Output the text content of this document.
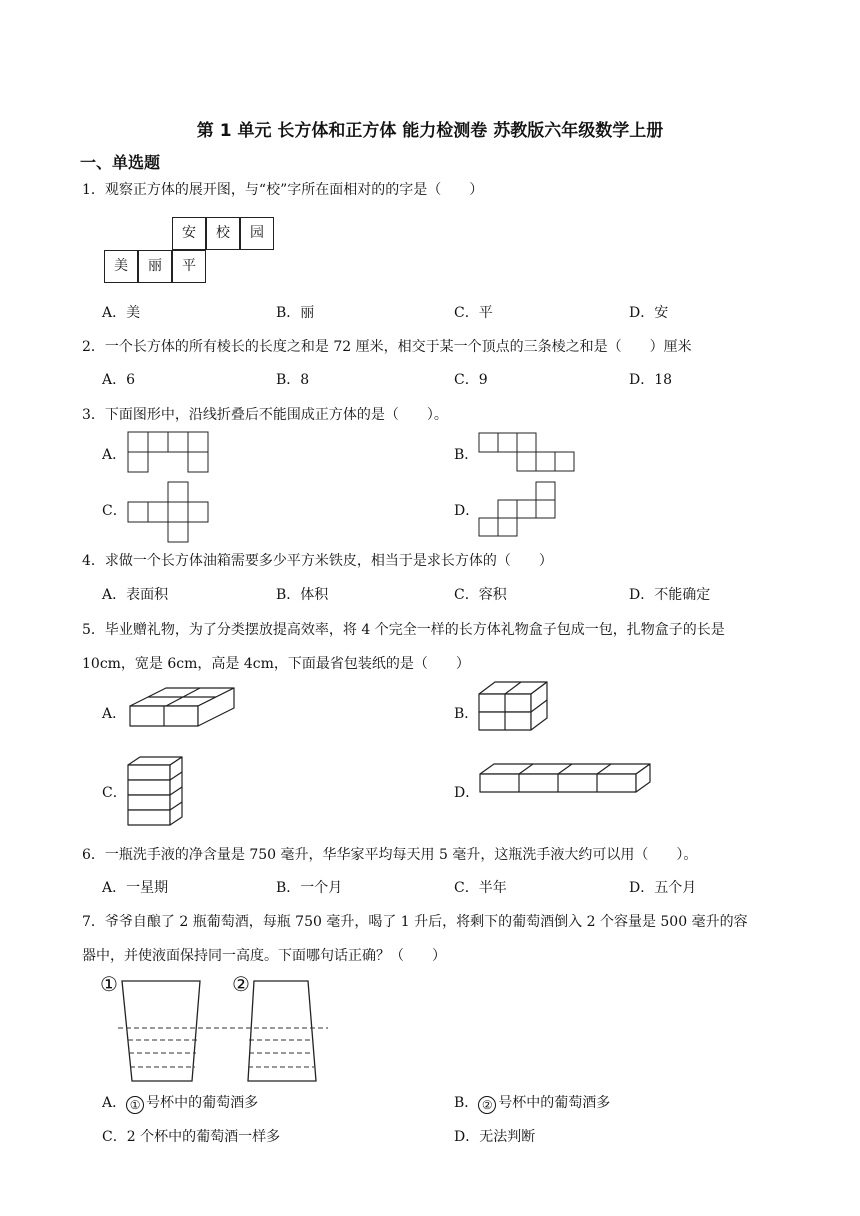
第 1 单元 长方体和正方体 能力检测卷 苏教版六年级数学上册
一、单选题
1．观察正方体的展开图，与“校”字所在面相对的的字是（　　）
安	校	园
美	丽	平
A．美	B．丽	C．平	D．安
2．一个长方体的所有棱长的长度之和是 72 厘米，相交于某一个顶点的三条棱之和是（　　）厘米
A．6	B．8	C．9	D．18
3．下面图形中，沿线折叠后不能围成正方体的是（　　）。
A．	B．
C．	D．
4．求做一个长方体油箱需要多少平方米铁皮，相当于是求长方体的（　　）
A．表面积	B．体积	C．容积	D．不能确定
5．毕业赠礼物，为了分类摆放提高效率，将 4 个完全一样的长方体礼物盒子包成一包，扎物盒子的长是
10cm，宽是 6cm，高是 4cm，下面最省包装纸的是（　　）
A．	B．
C．	D．
6．一瓶洗手液的净含量是 750 毫升，华华家平均每天用 5 毫升，这瓶洗手液大约可以用（　　）。
A．一星期	B．一个月	C．半年	D．五个月
7．爷爷自酿了 2 瓶葡萄酒，每瓶 750 毫升，喝了 1 升后，将剩下的葡萄酒倒入 2 个容量是 500 毫升的容
器中，并使液面保持同一高度。下面哪句话正确？（　　）
①	②
A． ① 号杯中的葡萄酒多	B． ② 号杯中的葡萄酒多
C．2 个杯中的葡萄酒一样多	D．无法判断
